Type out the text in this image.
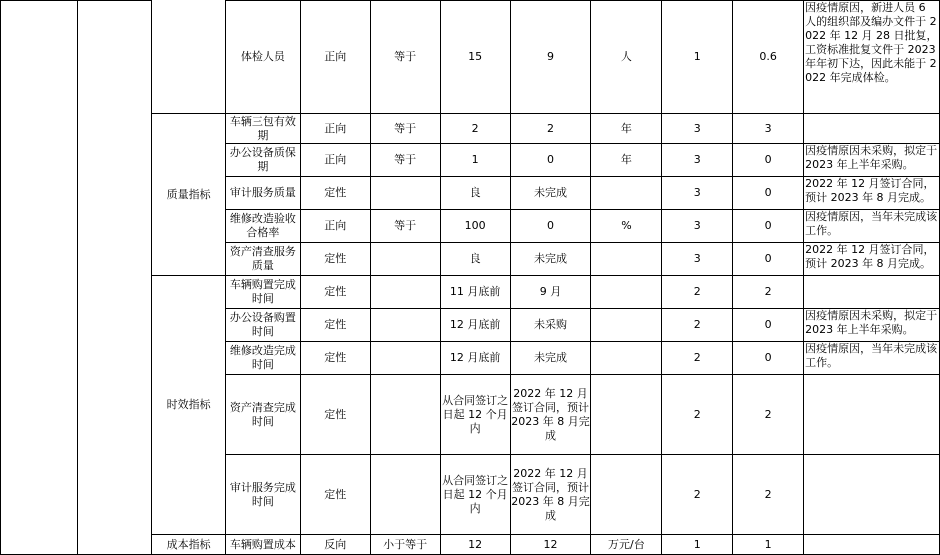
			体检人员	正向	等于	15	9	人	1	0.6	因疫情原因，新进人员 6 人的组织部及编办文件于 2022 年 12 月 28 日批复，工资标准批复文件于 2023 年年初下达，因此未能于 2022 年完成体检。
		质量指标	车辆三包有效期	正向	等于	2	2	年	3	3	
			办公设备质保期	正向	等于	1	0	年	3	0	因疫情原因未采购，拟定于 2023 年上半年采购。
			审计服务质量	定性		良	未完成		3	0	2022 年 12 月签订合同，预计 2023 年 8 月完成。
			维修改造验收合格率	正向	等于	100	0	%	3	0	因疫情原因，当年未完成该工作。
			资产清查服务质量	定性		良	未完成		3	0	2022 年 12 月签订合同，预计 2023 年 8 月完成。
		时效指标	车辆购置完成时间	定性		11 月底前	9 月		2	2	
			办公设备购置时间	定性		12 月底前	未采购		2	0	因疫情原因未采购，拟定于 2023 年上半年采购。
			维修改造完成时间	定性		12 月底前	未完成		2	0	因疫情原因，当年未完成该工作。
			资产清查完成时间	定性		从合同签订之日起 12 个月内	2022 年 12 月签订合同，预计 2023 年 8 月完成		2	2	
			审计服务完成时间	定性		从合同签订之日起 12 个月内	2022 年 12 月签订合同，预计 2023 年 8 月完成		2	2	
		成本指标	车辆购置成本	反向	小于等于	12	12	万元/台	1	1	
